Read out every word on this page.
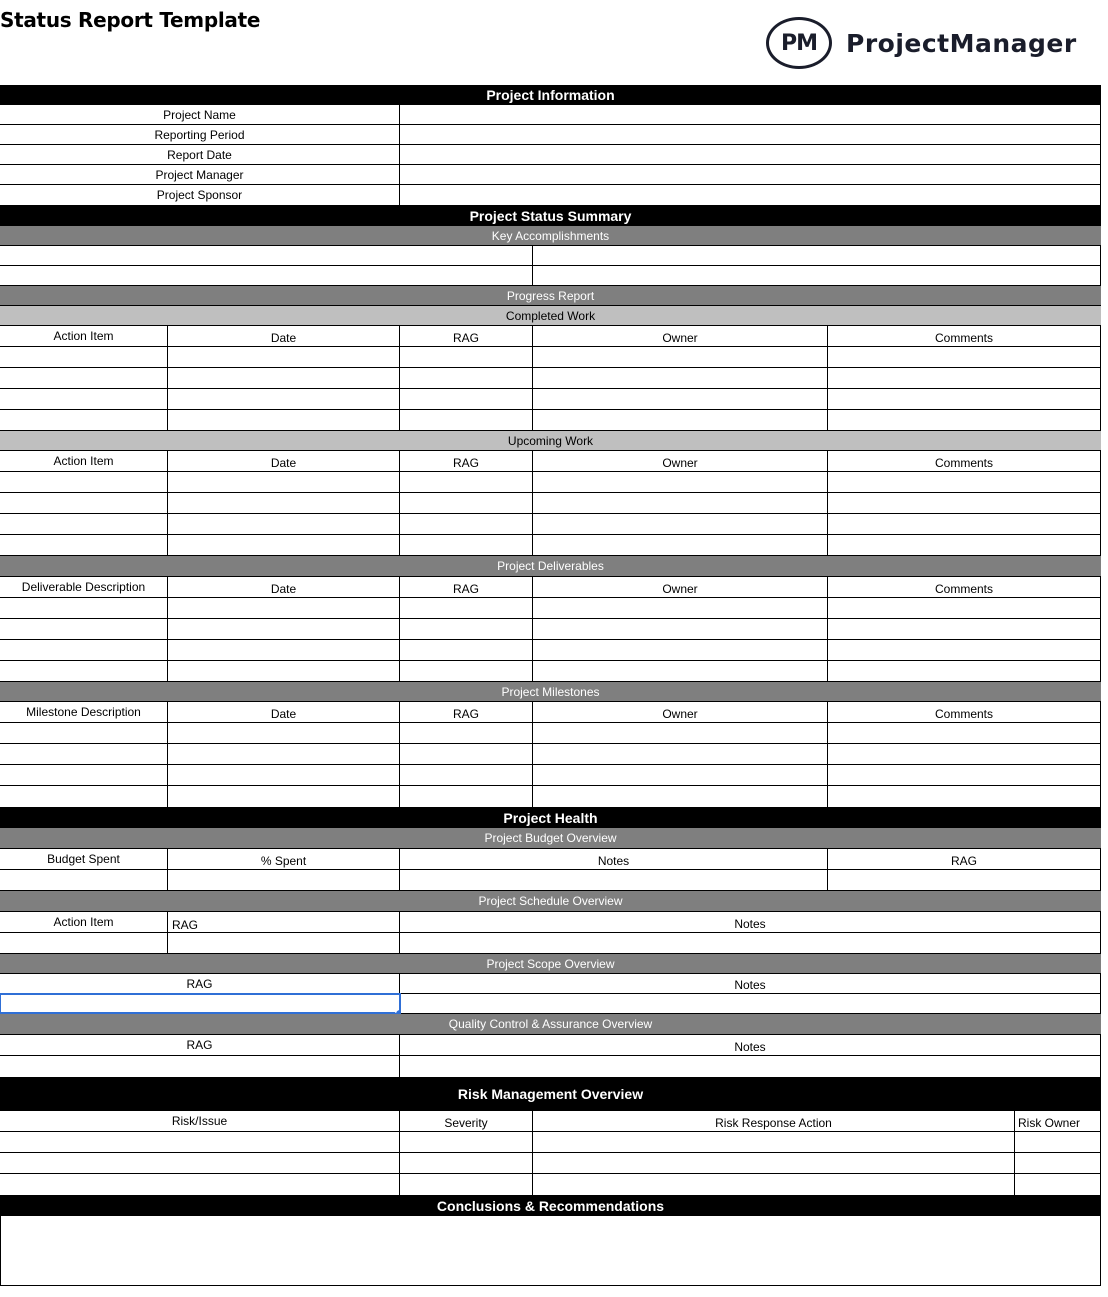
Status Report Template
PM	ProjectManager
Project Information
Project Name
Reporting Period
Report Date
Project Manager
Project Sponsor
Project Status Summary
Key Accomplishments
Progress Report
Completed Work
Action Item	Date	RAG	Owner	Comments
Upcoming Work
Action Item	Date	RAG	Owner	Comments
Project Deliverables
Deliverable Description	Date	RAG	Owner	Comments
Project Milestones
Milestone Description	Date	RAG	Owner	Comments
Project Health
Project Budget Overview
Budget Spent	% Spent	Notes	RAG
Project Schedule Overview
Action Item	RAG	Notes
Project Scope Overview
RAG	Notes
Quality Control & Assurance Overview
RAG	Notes
Risk Management Overview
Risk/Issue	Severity	Risk Response Action	Risk Owner
Conclusions & Recommendations
